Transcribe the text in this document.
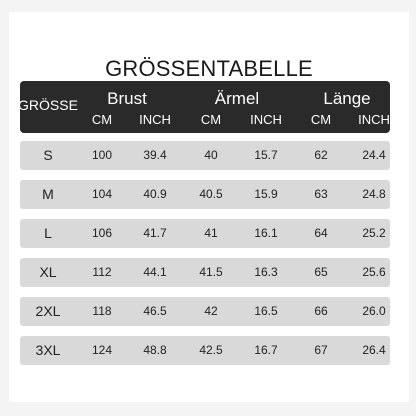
GRÖSSENTABELLE
GRÖSSE Brust	Ärmel	Länge
CM INCH CM INCH CM INCH
S	100	39.4	40	15.7	62	24.4
M	104	40.9	40.5	15.9	63	24.8
L	106	41.7	41	16.1	64	25.2
XL	112	44.1	41.5	16.3	65	25.6
2XL	118	46.5	42	16.5	66	26.0
3XL	124	48.8	42.5	16.7	67	26.4
